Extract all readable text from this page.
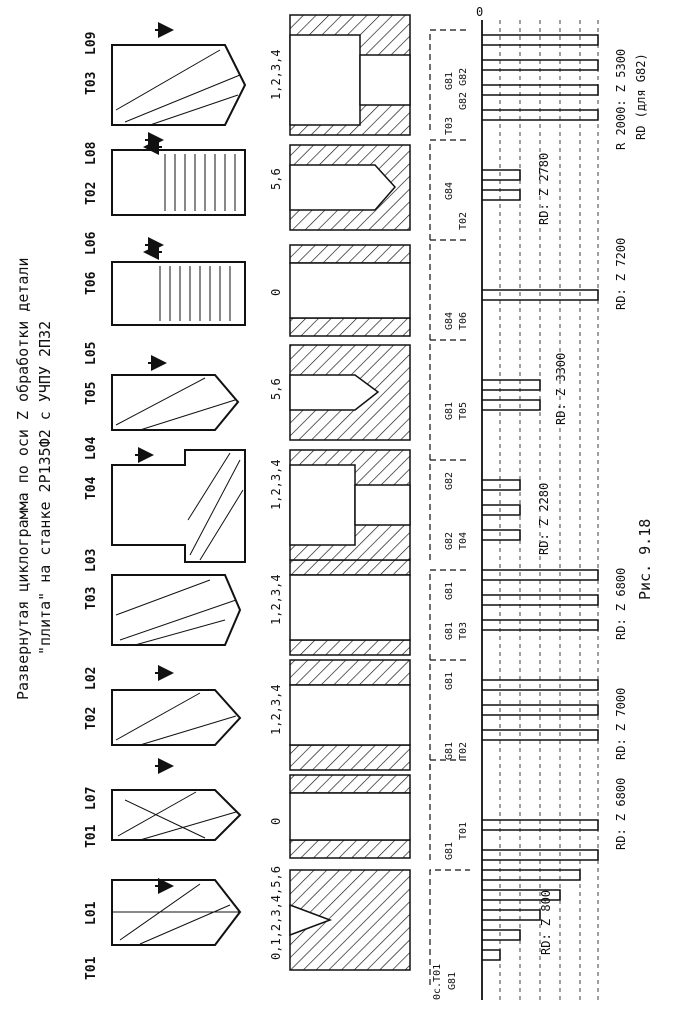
Развернутая циклограмма по оси Z обработки детали "плита" на станке 2Р135Ф2 с УЧПУ 2П32	Рис. 9.18
T01
L01
T01
L07
T02
L02
T03
L03
T04
L04
T05
L05
T06
L06
T02
L08
T03
L09
0,1,2,3,4,5,6
0
1,2,3,4
1,2,3,4
1,2,3,4
5,6
0
5,6
1,2,3,4
0
0c.T01 G81
G81
T01
G81 T02
G81
G81 T03
G81
G82 T04
G82
G81 T05
G84 T06
G84
T02
G81 G82 G82
T03
RD: Z 800
RD: Z 6800
RD: Z 7000
RD: Z 6800
RD: Z 2280
RD: Z 3300
RD: Z 7200
RD: Z 2780
R 2000: Z 5300 RD (для G82)
